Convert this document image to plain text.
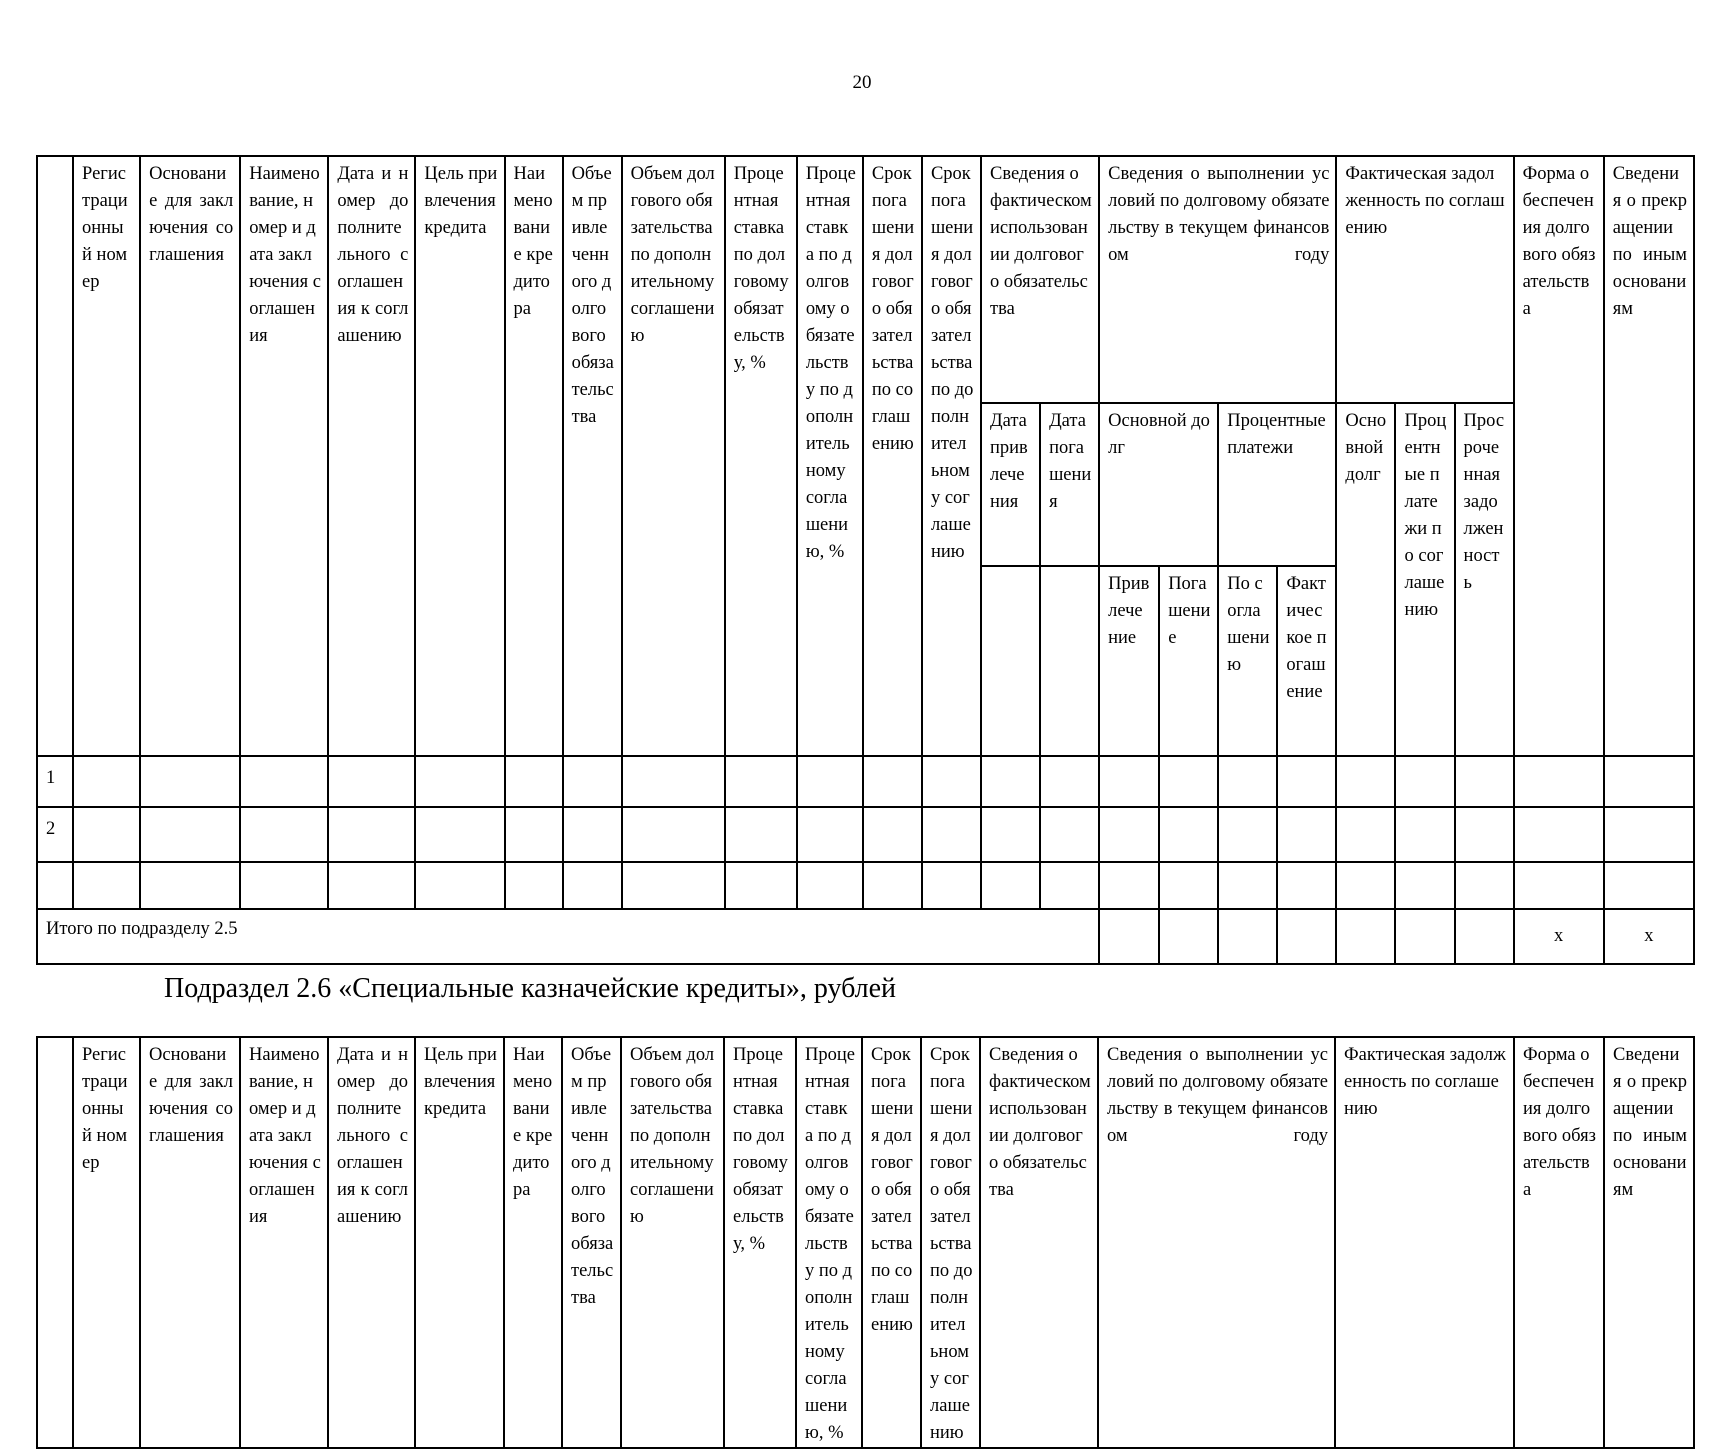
20
	Регистрационный номер	Основание для заключения соглашения	Наименование, номер и дата заключения соглашения	Дата и номер дополнительного соглашения к соглашению	Цель привлечения кредита	Наименование кредитора	Объем привлеченного долгового обязательства	Объем долгового обязательства по дополнительному соглашению	Процентная ставка по долговому обязательству, %	Процентная ставка по долговому обязательству по дополнительному соглашению, %	Срок погашения долгового обязательства по соглашению	Срок погашения долгового обязательства по дополнительному соглашению	Сведения о фактическом использовании долгового обязательства		Сведения о выполнении условий по долговому обязательству в текущем финансовом году				Фактическая задолженность по соглашению			Форма обеспечения долгового обязательства	Сведения о прекращении по иным основаниям
													Дата привлечения	Дата погашения	Основной долг		Процентные платежи		Основной долг	Процентные платежи по соглашению	Просроченная задолженность		
															Привлечение	Погашение	По соглашению	Фактическое погашение					
1																							
2																							

Итого по подразделу 2.5																						х	х
Подраздел 2.6 «Специальные казначейские кредиты», рублей
	Регистрационный номер	Основание для заключения соглашения	Наименование, номер и дата заключения соглашения	Дата и номер дополнительного соглашения к соглашению	Цель привлечения кредита	Наименование кредитора	Объем привлеченного долгового обязательства	Объем долгового обязательства по дополнительному соглашению	Процентная ставка по долговому обязательству, %	Процентная ставка по долговому обязательству по дополнительному соглашению, %	Срок погашения долгового обязательства по соглашению	Срок погашения долгового обязательства по дополнительному соглашению	Сведения о фактическом использовании долгового обязательства	Сведения о выполнении условий по долговому обязательству в текущем финансовом году	Фактическая задолженность по соглашению	Форма обеспечения долгового обязательства	Сведения о прекращении по иным основаниям
